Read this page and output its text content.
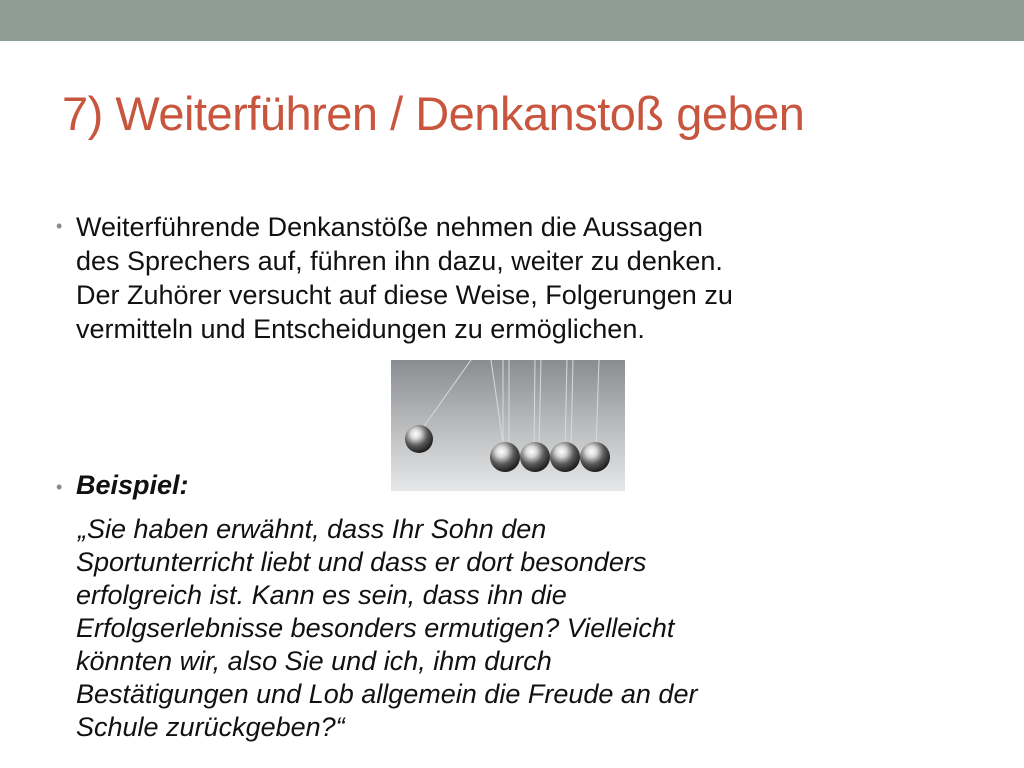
7) Weiterführen / Denkanstoß geben
• Weiterführende Denkanstöße nehmen die Aussagen
des Sprechers auf, führen ihn dazu, weiter zu denken.
Der Zuhörer versucht auf diese Weise, Folgerungen zu
vermitteln und Entscheidungen zu ermöglichen.

• Beispiel:

„Sie haben erwähnt, dass Ihr Sohn den
Sportunterricht liebt und dass er dort besonders
erfolgreich ist. Kann es sein, dass ihn die
Erfolgserlebnisse besonders ermutigen? Vielleicht
könnten wir, also Sie und ich, ihm durch
Bestätigungen und Lob allgemein die Freude an der
Schule zurückgeben?“
